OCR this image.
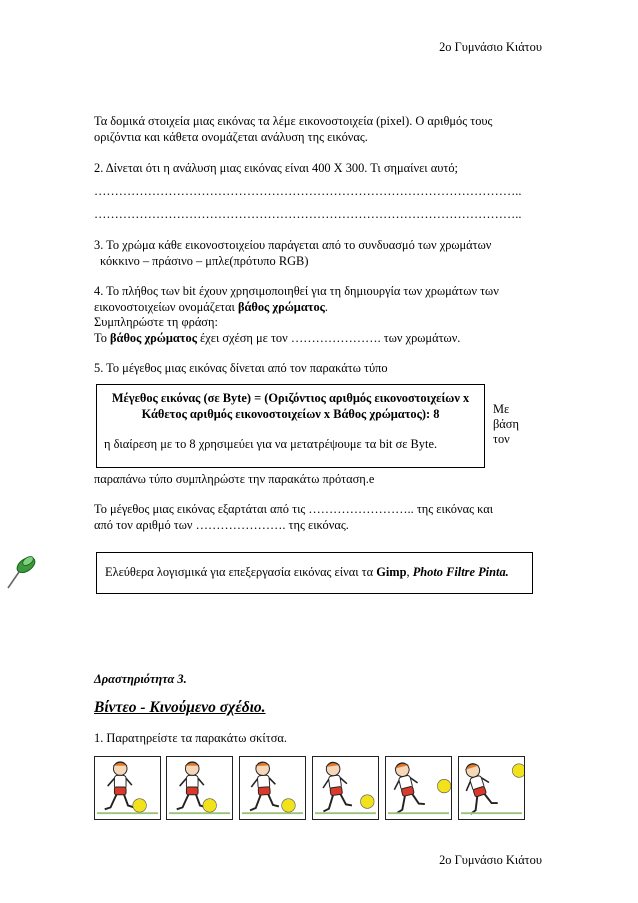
2ο Γυμνάσιο Κιάτου
Τα δομικά στοιχεία μιας εικόνας τα λέμε εικονοστοιχεία (pixel). Ο αριθμός τους
οριζόντια και κάθετα ονομάζεται ανάλυση της εικόνας.
2. Δίνεται ότι η ανάλυση μιας εικόνας είναι 400 Χ 300. Τι σημαίνει αυτό;
…………………………………………………………………………………………..
…………………………………………………………………………………………..
3. Το χρώμα κάθε εικονοστοιχείου παράγεται από το συνδυασμό των χρωμάτων
κόκκινο – πράσινο – μπλε(πρότυπο RGB)
4. Το πλήθος των bit έχουν χρησιμοποιηθεί για τη δημιουργία των χρωμάτων των
εικονοστοιχείων ονομάζεται βάθος χρώματος.
Συμπληρώστε τη φράση:
Το βάθος χρώματος έχει σχέση με τον …………………. των χρωμάτων.
5. Το μέγεθος μιας εικόνας δίνεται από τον παρακάτω τύπο
Μέγεθος εικόνας (σε Byte) = (Οριζόντιος αριθμός εικονοστοιχείων x
Κάθετος αριθμός εικονοστοιχείων x Βάθος χρώματος): 8
η διαίρεση με το 8 χρησιμεύει για να μετατρέψουμε τα bit σε Byte.
Με
βάση
τον
παραπάνω τύπο συμπληρώστε την παρακάτω πρόταση.e
Το μέγεθος μιας εικόνας εξαρτάται από τις …………………….. της εικόνας και
από τον αριθμό των …………………. της εικόνας.
Ελεύθερα λογισμικά για επεξεργασία εικόνας είναι τα Gimp, Photo Filtre Pinta.
Δραστηριότητα 3.
Βίντεο - Κινούμενο σχέδιο.
1. Παρατηρείστε τα παρακάτω σκίτσα.
2ο Γυμνάσιο Κιάτου
